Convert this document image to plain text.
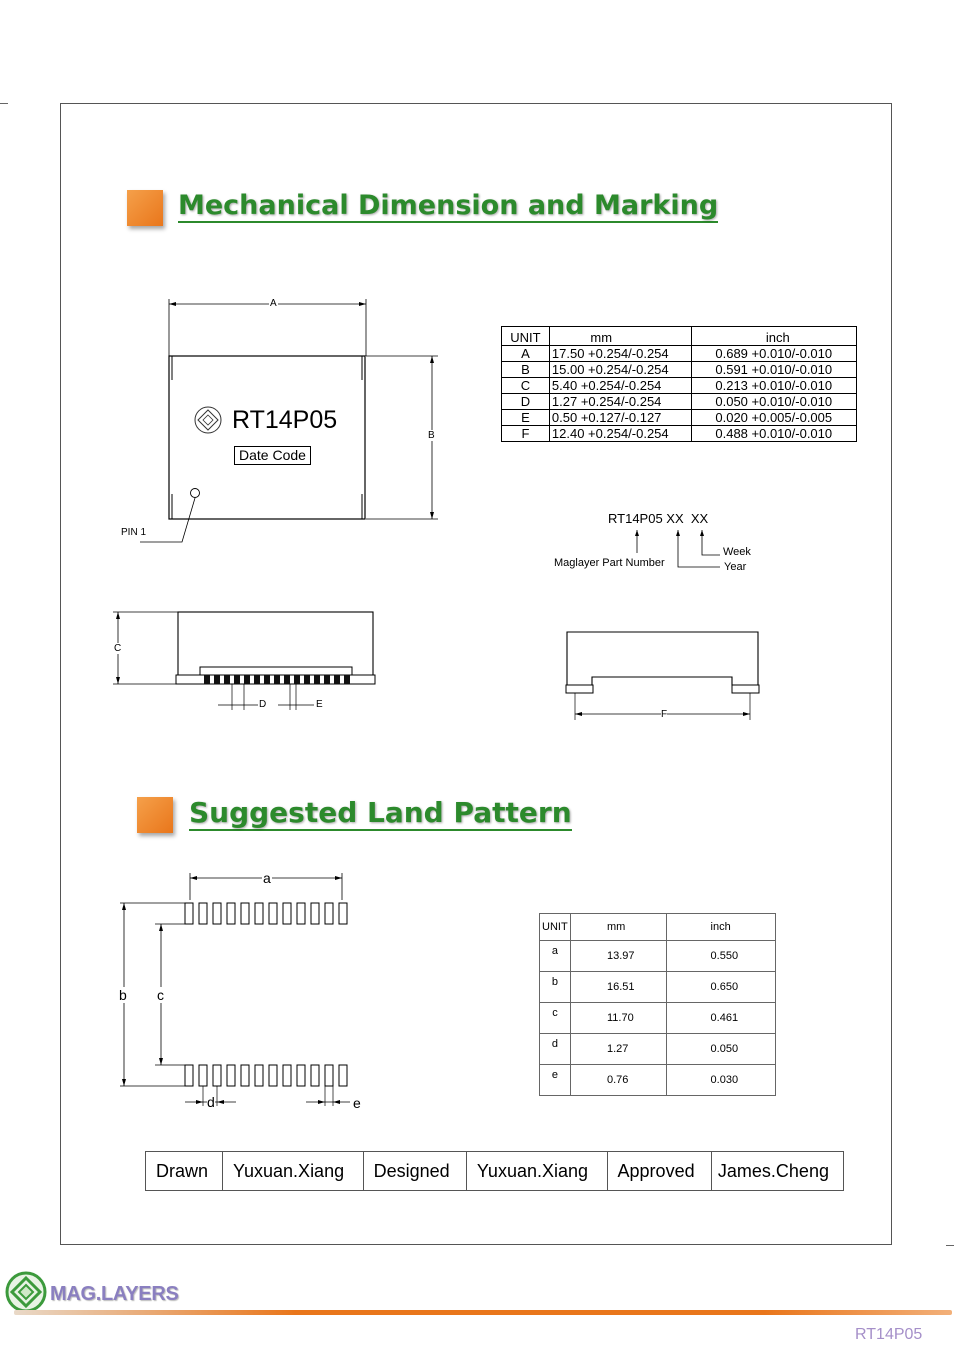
Mechanical Dimension and Marking
A
B
RT14P05
Date Code
PIN 1
UNIT	mm	inch
A	17.50 +0.254/-0.254	0.689 +0.010/-0.010
B	15.00 +0.254/-0.254	0.591 +0.010/-0.010
C	5.40 +0.254/-0.254	0.213 +0.010/-0.010
D	1.27 +0.254/-0.254	0.050 +0.010/-0.010
E	0.50 +0.127/-0.127	0.020 +0.005/-0.005
F	12.40 +0.254/-0.254	0.488 +0.010/-0.010
RT14P05 XX  XX
Week
Year
Maglayer Part Number
C
D	E
F
Suggested Land Pattern
a
b c
d	e
UNIT	mm	inch
a	13.97	0.550
b	16.51	0.650
c	11.70	0.461
d	1.27	0.050
e	0.76	0.030
Drawn	Yuxuan.Xiang	Designed	Yuxuan.Xiang	Approved	James.Cheng
MAG.LAYERS
RT14P05
